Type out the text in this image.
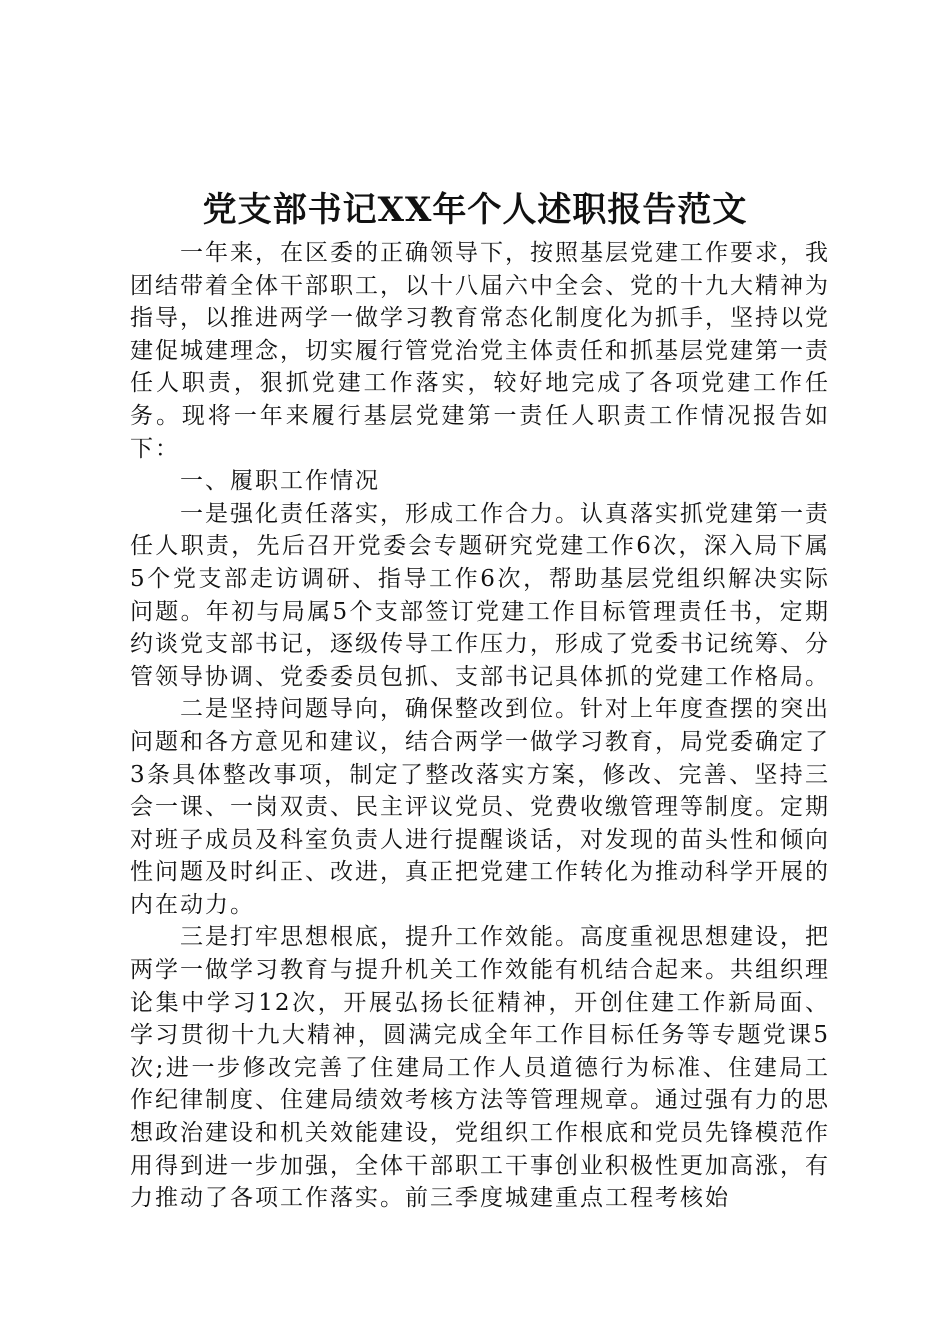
党支部书记XX年个人述职报告范文

一年来，在区委的正确领导下，按照基层党建工作要求，我团结带着全体干部职工，以十八届六中全会、党的十九大精神为指导，以推进两学一做学习教育常态化制度化为抓手，坚持以党建促城建理念，切实履行管党治党主体责任和抓基层党建第一责任人职责，狠抓党建工作落实，较好地完成了各项党建工作任务。现将一年来履行基层党建第一责任人职责工作情况报告如下：

一、履职工作情况

一是强化责任落实，形成工作合力。认真落实抓党建第一责任人职责，先后召开党委会专题研究党建工作6次，深入局下属5个党支部走访调研、指导工作6次，帮助基层党组织解决实际问题。年初与局属5个支部签订党建工作目标管理责任书，定期约谈党支部书记，逐级传导工作压力，形成了党委书记统筹、分管领导协调、党委委员包抓、支部书记具体抓的党建工作格局。

二是坚持问题导向，确保整改到位。针对上年度查摆的突出问题和各方意见和建议，结合两学一做学习教育，局党委确定了3条具体整改事项，制定了整改落实方案，修改、完善、坚持三会一课、一岗双责、民主评议党员、党费收缴管理等制度。定期对班子成员及科室负责人进行提醒谈话，对发现的苗头性和倾向性问题及时纠正、改进，真正把党建工作转化为推动科学开展的内在动力。

三是打牢思想根底，提升工作效能。高度重视思想建设，把两学一做学习教育与提升机关工作效能有机结合起来。共组织理论集中学习12次，开展弘扬长征精神，开创住建工作新局面、学习贯彻十九大精神，圆满完成全年工作目标任务等专题党课5次;进一步修改完善了住建局工作人员道德行为标准、住建局工作纪律制度、住建局绩效考核方法等管理规章。通过强有力的思想政治建设和机关效能建设，党组织工作根底和党员先锋模范作用得到进一步加强，全体干部职工干事创业积极性更加高涨，有力推动了各项工作落实。前三季度城建重点工程考核始
